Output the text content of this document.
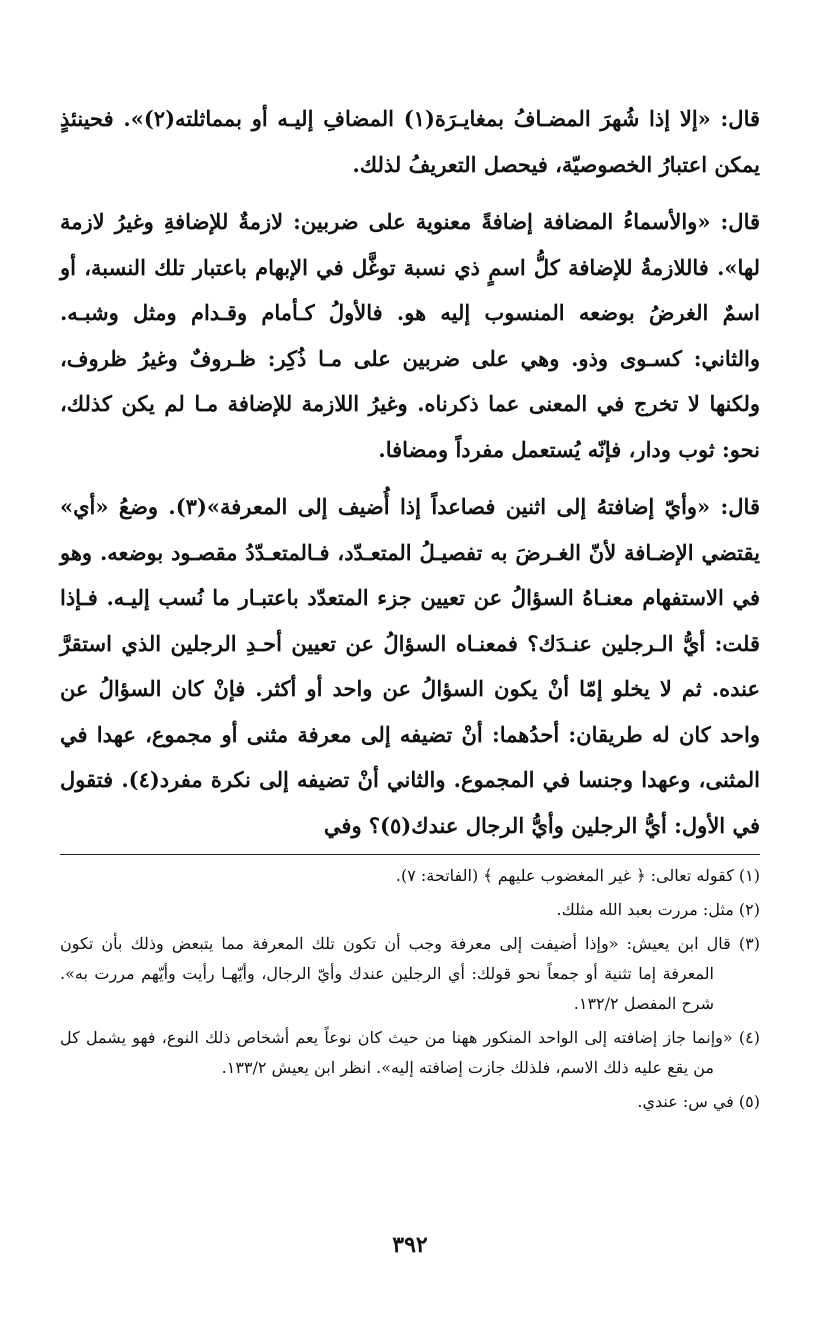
قال: «إلا إذا شُهرَ المضـافُ بمغايـرَة(١) المضافِ إليـه أو بمماثلته(٢)». فحينئذٍ يمكن اعتبارُ الخصوصيّة، فيحصل التعريفُ لذلك.

قال: «والأسماءُ المضافة إضافةً معنوية على ضربين: لازمةٌ للإضافةِ وغيرُ لازمة لها». فاللازمةُ للإضافة كلُّ اسمٍ ذي نسبة توغَّل في الإبهام باعتبار تلك النسبة، أو اسمٌ الغرضُ بوضعه المنسوب إليه هو. فالأولُ كـأمام وقـدام ومثل وشبـه. والثاني: كسـوى وذو. وهي على ضربين على مـا ذُكِر: ظـروفٌ وغيرُ ظروف، ولكنها لا تخرج في المعنى عما ذكرناه. وغيرُ اللازمة للإضافة مـا لم يكن كذلك، نحو: ثوب ودار، فإنّه يُستعمل مفرداً ومضافا.

قال: «وأيّ إضافتهُ إلى اثنين فصاعداً إذا أُضيف إلى المعرفة»(٣). وضعُ «أي» يقتضي الإضـافة لأنّ الغـرضَ به تفصيـلُ المتعـدّد، فـالمتعـدّدُ مقصـود بوضعه. وهو في الاستفهام معنـاهُ السؤالُ عن تعيين جزء المتعدّد باعتبـار ما نُسب إليـه. فـإذا قلت: أيُّ الـرجلين عنـدَك؟ فمعنـاه السؤالُ عن تعيين أحـدِ الرجلين الذي استقرَّ عنده. ثم لا يخلو إمّا أنْ يكون السؤالُ عن واحد أو أكثر. فإنْ كان السؤالُ عن واحد كان له طريقان: أحدُهما: أنْ تضيفه إلى معرفة مثنى أو مجموع، عهدا في المثنى، وعهدا وجنسا في المجموع. والثاني أنْ تضيفه إلى نكرة مفرد(٤). فتقول في الأول: أيُّ الرجلين وأيُّ الرجال عندك(٥)؟ وفي

(١) كقوله تعالى: ﴿ غير المغضوب عليهم ﴾ (الفاتحة: ٧).

(٢) مثل: مررت بعبد الله مثلك.

(٣) قال ابن يعيش: «وإذا أضيفت إلى معرفة وجب أن تكون تلك المعرفة مما يتبعض وذلك بأن تكون المعرفة إما تثنية أو جمعاً نحو قولك: أي الرجلين عندك وأيّ الرجال، وأيّهـا رأيت وأيّهم مررت به». شرح المفصل ١٣٢/٢.

(٤) «وإنما جاز إضافته إلى الواحد المنكور ههنا من حيث كان نوعاً يعم أشخاص ذلك النوع، فهو يشمل كل من يقع عليه ذلك الاسم، فلذلك جازت إضافته إليه». انظر ابن يعيش ١٣٣/٢.

(٥) في س: عندي.

٣٩٢
